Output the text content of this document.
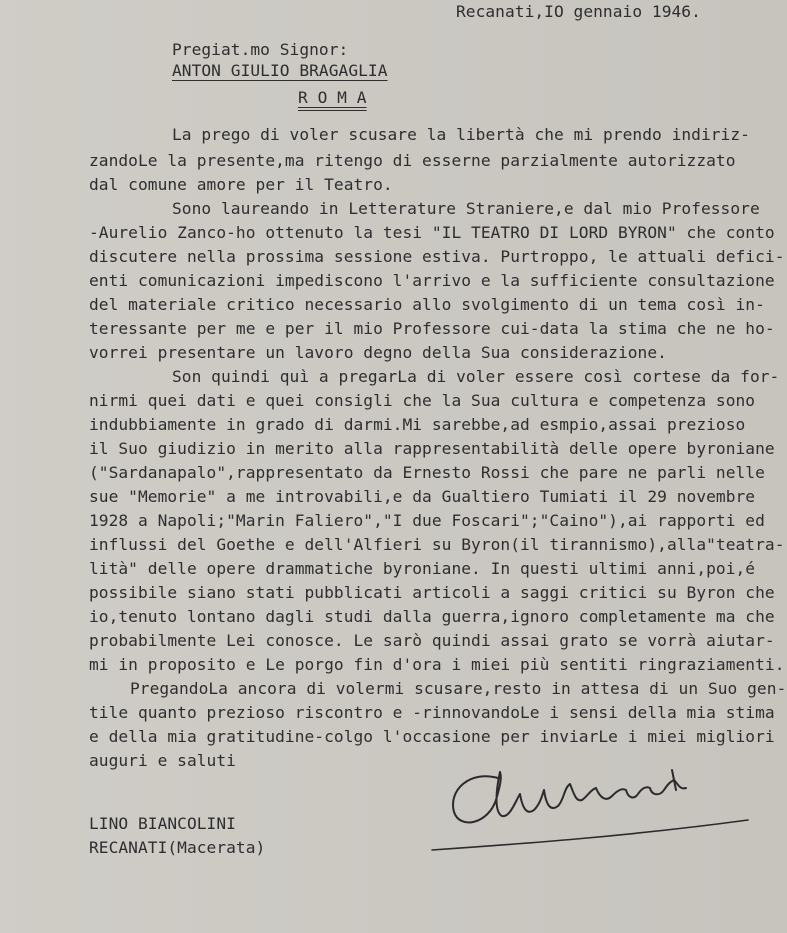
Recanati,IO gennaio 1946.
Pregiat.mo Signor:
ANTON GIULIO BRAGAGLIA
R O M A
La prego di voler scusare la libertà che mi prendo indiriz-
zandoLe la presente,ma ritengo di esserne parzialmente autorizzato
dal comune amore per il Teatro.
Sono laureando in Letterature Straniere,e dal mio Professore
-Aurelio Zanco-ho ottenuto la tesi "IL TEATRO DI LORD BYRON" che conto
discutere nella prossima sessione estiva. Purtroppo, le attuali defici-
enti comunicazioni impediscono l'arrivo e la sufficiente consultazione
del materiale critico necessario allo svolgimento di un tema così in-
teressante per me e per il mio Professore cui-data la stima che ne ho-
vorrei presentare un lavoro degno della Sua considerazione.
Son quindi quì a pregarLa di voler essere così cortese da for-
nirmi quei dati e quei consigli che la Sua cultura e competenza sono
indubbiamente in grado di darmi.Mi sarebbe,ad esmpio,assai prezioso
il Suo giudizio in merito alla rappresentabilità delle opere byroniane
("Sardanapalo",rappresentato da Ernesto Rossi che pare ne parli nelle
sue "Memorie" a me introvabili,e da Gualtiero Tumiati il 29 novembre
1928 a Napoli;"Marin Faliero","I due Foscari";"Caino"),ai rapporti ed
influssi del Goethe e dell'Alfieri su Byron(il tirannismo),alla"teatra-
lità" delle opere drammatiche byroniane. In questi ultimi anni,poi,é
possibile siano stati pubblicati articoli a saggi critici su Byron che
io,tenuto lontano dagli studi dalla guerra,ignoro completamente ma che
probabilmente Lei conosce. Le sarò quindi assai grato se vorrà aiutar-
mi in proposito e Le porgo fin d'ora i miei più sentiti ringraziamenti.
PregandoLa ancora di volermi scusare,resto in attesa di un Suo gen-
tile quanto prezioso riscontro e -rinnovandoLe i sensi della mia stima
e della mia gratitudine-colgo l'occasione per inviarLe i miei migliori
auguri e saluti
LINO BIANCOLINI
RECANATI(Macerata)
